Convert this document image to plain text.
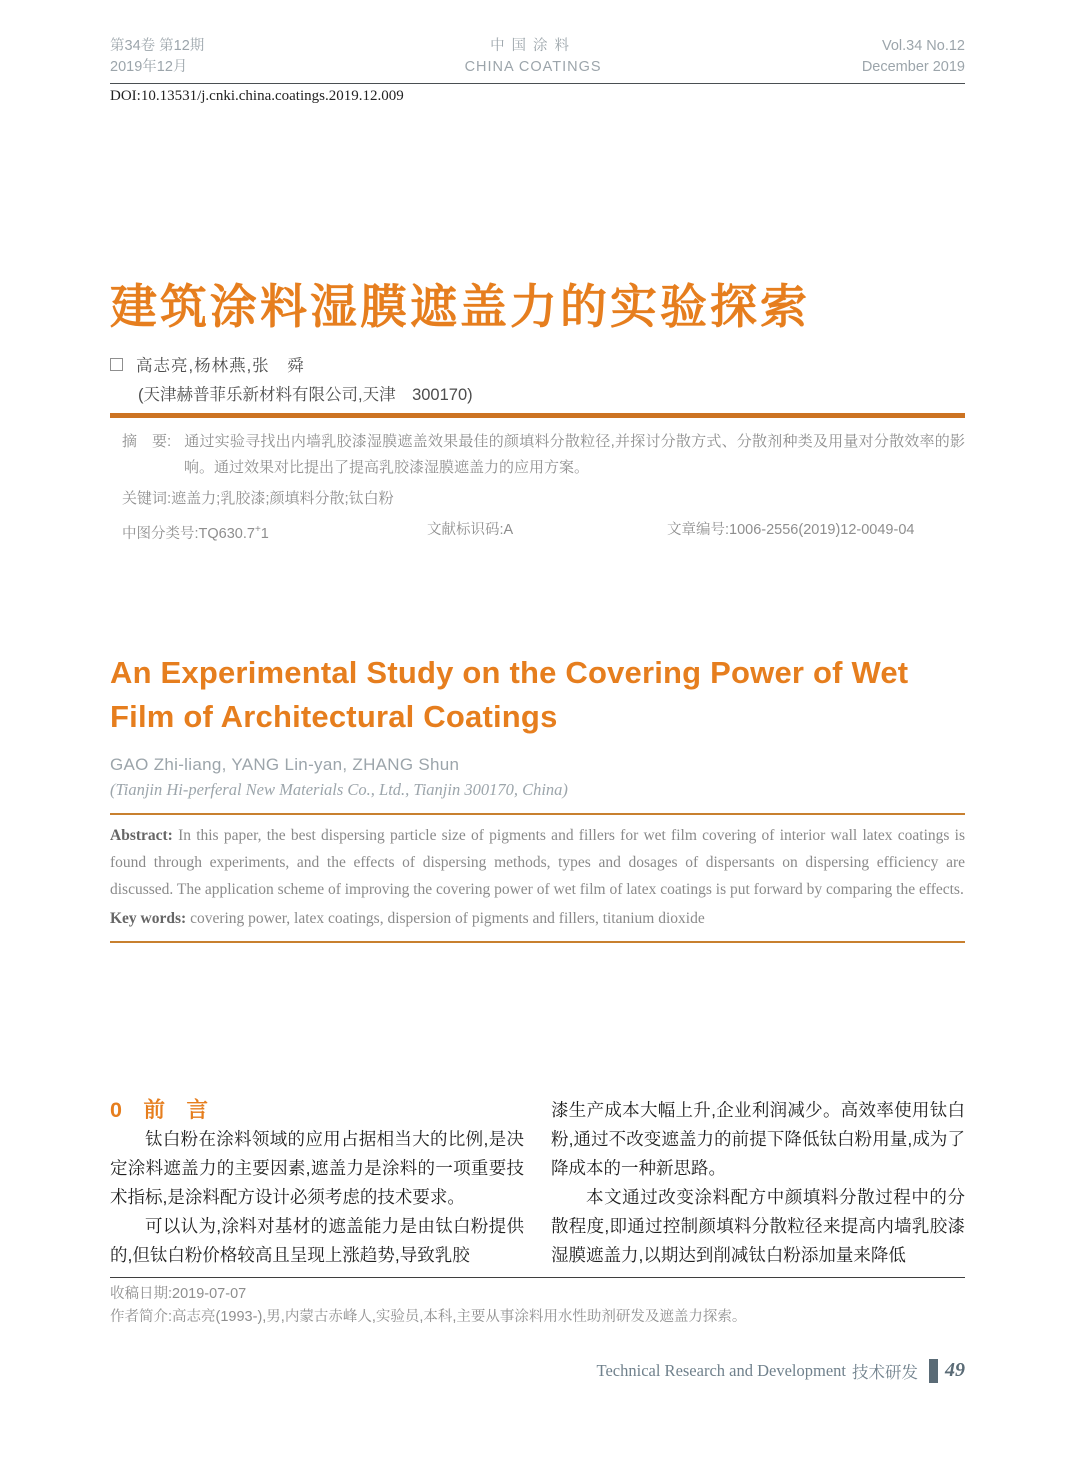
第34卷 第12期
2019年12月
中国涂料
CHINA COATINGS
Vol.34 No.12
December 2019
DOI:10.13531/j.cnki.china.coatings.2019.12.009
建筑涂料湿膜遮盖力的实验探索
高志亮,杨林燕,张　舜
(天津赫普菲乐新材料有限公司,天津　300170)
摘　要: 通过实验寻找出内墙乳胶漆湿膜遮盖效果最佳的颜填料分散粒径,并探讨分散方式、分散剂种类及用量对分散效率的影响。通过效果对比提出了提高乳胶漆湿膜遮盖力的应用方案。
关键词:遮盖力;乳胶漆;颜填料分散;钛白粉
中图分类号:TQ630.7+1	文献标识码:A	文章编号:1006-2556(2019)12-0049-04
An Experimental Study on the Covering Power of Wet Film of Architectural Coatings
GAO Zhi-liang, YANG Lin-yan, ZHANG Shun
(Tianjin Hi-perferal New Materials Co., Ltd., Tianjin 300170, China)
Abstract: In this paper, the best dispersing particle size of pigments and fillers for wet film covering of interior wall latex coatings is found through experiments, and the effects of dispersing methods, types and dosages of dispersants on dispersing efficiency are discussed. The application scheme of improving the covering power of wet film of latex coatings is put forward by comparing the effects.
Key words: covering power, latex coatings, dispersion of pigments and fillers, titanium dioxide
0　前　言

钛白粉在涂料领域的应用占据相当大的比例,是决定涂料遮盖力的主要因素,遮盖力是涂料的一项重要技术指标,是涂料配方设计必须考虑的技术要求。

可以认为,涂料对基材的遮盖能力是由钛白粉提供的,但钛白粉价格较高且呈现上涨趋势,导致乳胶

漆生产成本大幅上升,企业利润减少。高效率使用钛白粉,通过不改变遮盖力的前提下降低钛白粉用量,成为了降成本的一种新思路。

本文通过改变涂料配方中颜填料分散过程中的分散程度,即通过控制颜填料分散粒径来提高内墙乳胶漆湿膜遮盖力,以期达到削减钛白粉添加量来降低

收稿日期:2019-07-07
作者简介:高志亮(1993-),男,内蒙古赤峰人,实验员,本科,主要从事涂料用水性助剂研发及遮盖力探索。
Technical Research and Development 技术研发 49
